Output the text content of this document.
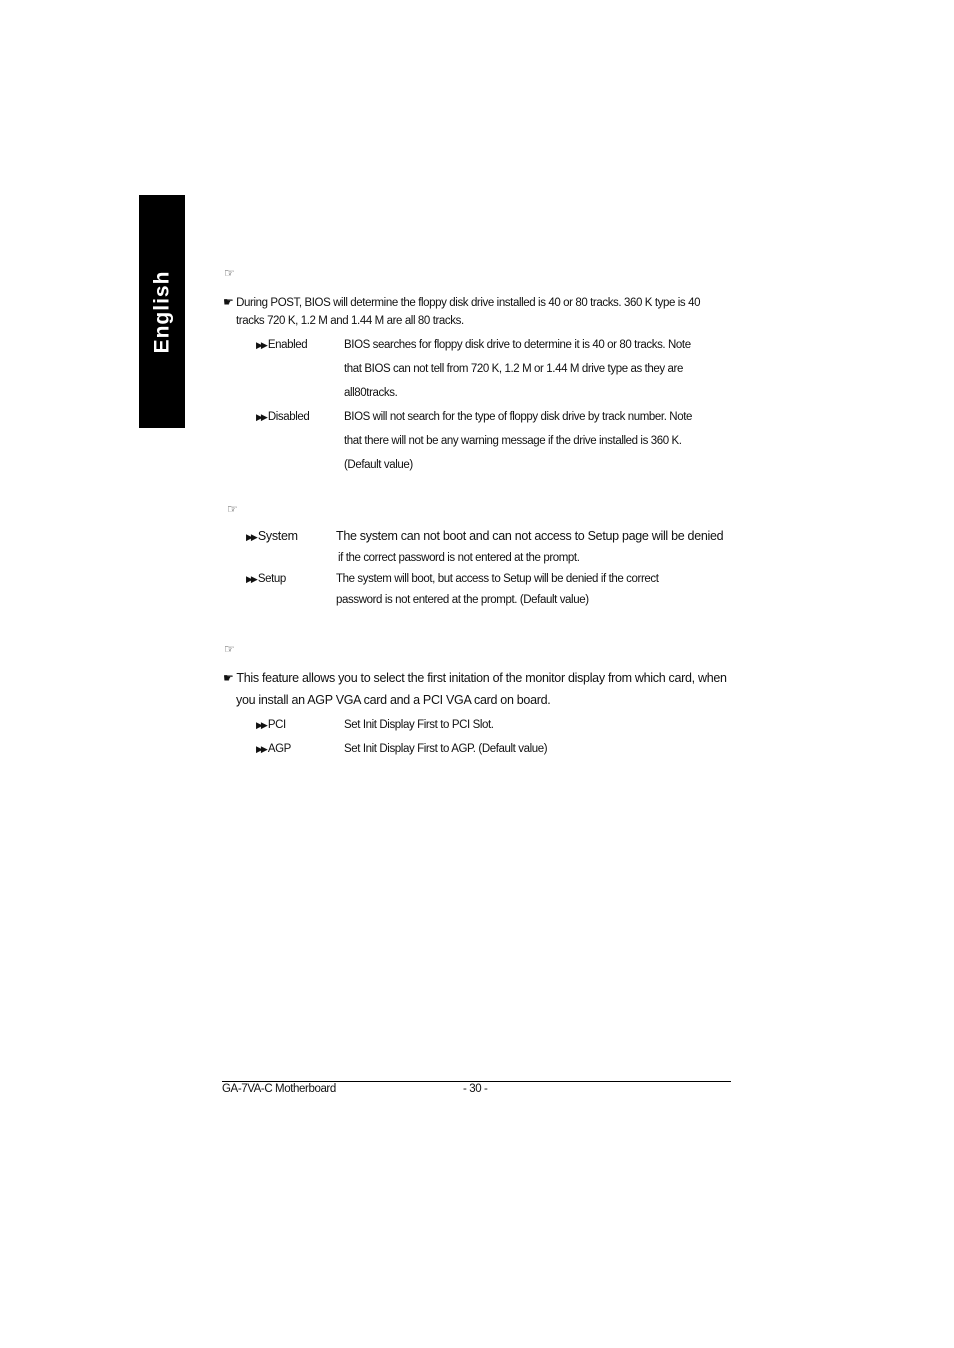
English	☞
☛ During POST, BIOS will determine the floppy disk drive installed is 40 or 80 tracks. 360 K type is 40
tracks 720 K, 1.2 M and 1.44 M are all 80 tracks.
▶▶ Enabled	BIOS searches for floppy disk drive to determine it is 40 or 80 tracks. Note
that BIOS can not tell from 720 K, 1.2 M or 1.44 M drive type as they are
all80tracks.
▶▶ Disabled	BIOS will not search for the type of floppy disk drive by track number. Note
that there will not be any warning message if the drive installed is 360 K.
(Default value)
☞
▶▶ System	The system can not boot and can not access to Setup page will be denied
if the correct password is not entered at the prompt.
▶▶ Setup	The system will boot, but access to Setup will be denied if the correct
password is not entered at the prompt. (Default value)
☞
☛ This feature allows you to select the first initation of the monitor display from which card, when
you install an AGP VGA card and a PCI VGA card on board.
▶▶ PCI	Set Init Display First to PCI Slot.
▶▶ AGP	Set Init Display First to AGP. (Default value)
GA-7VA-C Motherboard	- 30 -
